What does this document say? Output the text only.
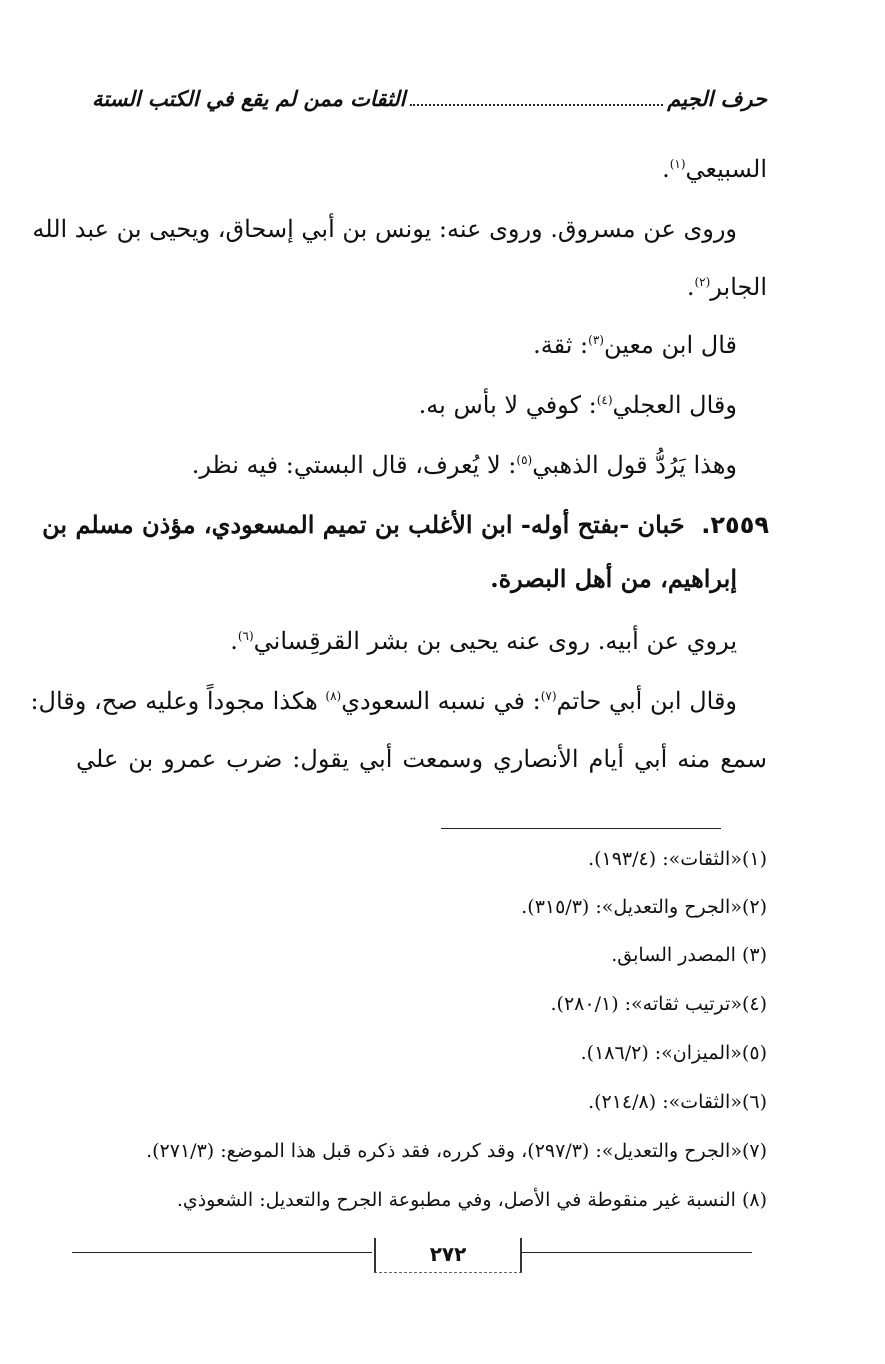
حرف الجيم
الثقات ممن لم يقع في الكتب الستة
السبيعي$^{(١)}$.
وروى عن مسروق. وروى عنه: يونس بن أبي إسحاق، ويحيى بن عبد الله
الجابر$^{(٢)}$.
قال ابن معين$^{(٣)}$: ثقة.
وقال العجلي$^{(٤)}$: كوفي لا بأس به.
وهذا يَرُدُّ قول الذهبي$^{(٥)}$: لا يُعرف، قال البستي: فيه نظر.
٢٥٥٩.  حَبان -بفتح أوله- ابن الأغلب بن تميم المسعودي، مؤذن مسلم بن
إبراهيم، من أهل البصرة.
يروي عن أبيه. روى عنه يحيى بن بشر القرقِساني$^{(٦)}$.
وقال ابن أبي حاتم$^{(٧)}$: في نسبه السعودي$^{(٨)}$ هكذا مجوداً وعليه صح، وقال:
سمع منه أبي أيام الأنصاري وسمعت أبي يقول: ضرب عمرو بن علي
(١)«الثقات»: (١٩٣/٤).
(٢)«الجرح والتعديل»: (٣١٥/٣).
(٣) المصدر السابق.
(٤)«ترتيب ثقاته»: (٢٨٠/١).
(٥)«الميزان»: (١٨٦/٢).
(٦)«الثقات»: (٢١٤/٨).
(٧)«الجرح والتعديل»: (٢٩٧/٣)، وقد كرره، فقد ذكره قبل هذا الموضع: (٢٧١/٣).
(٨) النسبة غير منقوطة في الأصل، وفي مطبوعة الجرح والتعديل: الشعوذي.
٢٧٢
